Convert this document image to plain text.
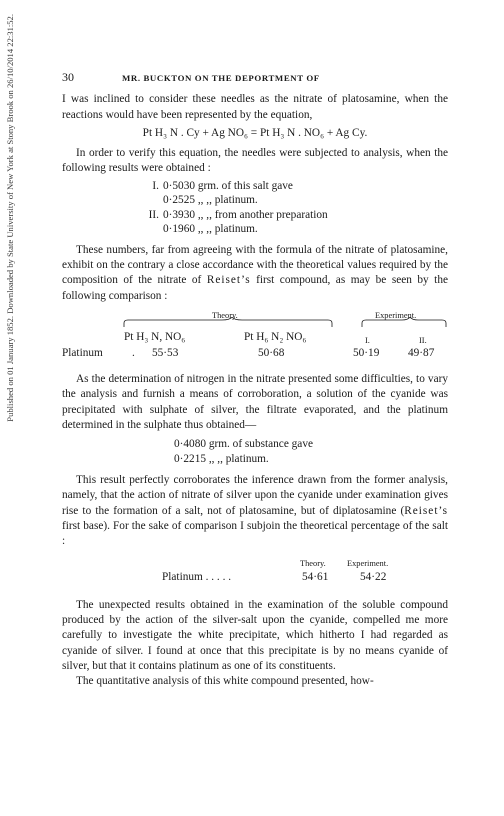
Published on 01 January 1852. Downloaded by State University of New York at Stony Brook on 26/10/2014 22:31:52.	30	MR. BUCKTON ON THE DEPORTMENT OF

I was inclined to consider these needles as the nitrate of platosamine, when the reactions would have been represented by the equation,

Pt H₃ N . Cy + Ag NO₆ = Pt H₃ N . NO₆ + Ag Cy.

In order to verify this equation, the needles were subjected to analysis, when the following results were obtained :

I. 0·5030 grm. of this salt gave
0·2525 ,, ,, platinum.
II. 0·3930 ,, ,, from another preparation
0·1960 ,, ,, platinum.

These numbers, far from agreeing with the formula of the nitrate of platosamine, exhibit on the contrary a close accordance with the theoretical values required by the composition of the nitrate of Reiset’s first compound, as may be seen by the following comparison :

Theory.	Experiment.
Pt H₃ N, NO₆	Pt H₆ N₂ NO₆	I.	II.
Platinum	. 55·53	50·68	50·19	49·87

As the determination of nitrogen in the nitrate presented some difficulties, to vary the analysis and furnish a means of corroboration, a solution of the cyanide was precipitated with sulphate of silver, the filtrate evaporated, and the platinum determined in the sulphate thus obtained—

0·4080 grm. of substance gave
0·2215 ,, ,, platinum.

This result perfectly corroborates the inference drawn from the former analysis, namely, that the action of nitrate of silver upon the cyanide under examination gives rise to the formation of a salt, not of platosamine, but of diplatosamine (Reiset’s first base). For the sake of comparison I subjoin the theoretical percentage of the salt :

Theory.	Experiment.
Platinum . . . . .	54·61	54·22

The unexpected results obtained in the examination of the soluble compound produced by the action of the silver-salt upon the cyanide, compelled me more carefully to investigate the white precipitate, which hitherto I had regarded as cyanide of silver. I found at once that this precipitate is by no means cyanide of silver, but that it contains platinum as one of its constituents.

The quantitative analysis of this white compound presented, how-
